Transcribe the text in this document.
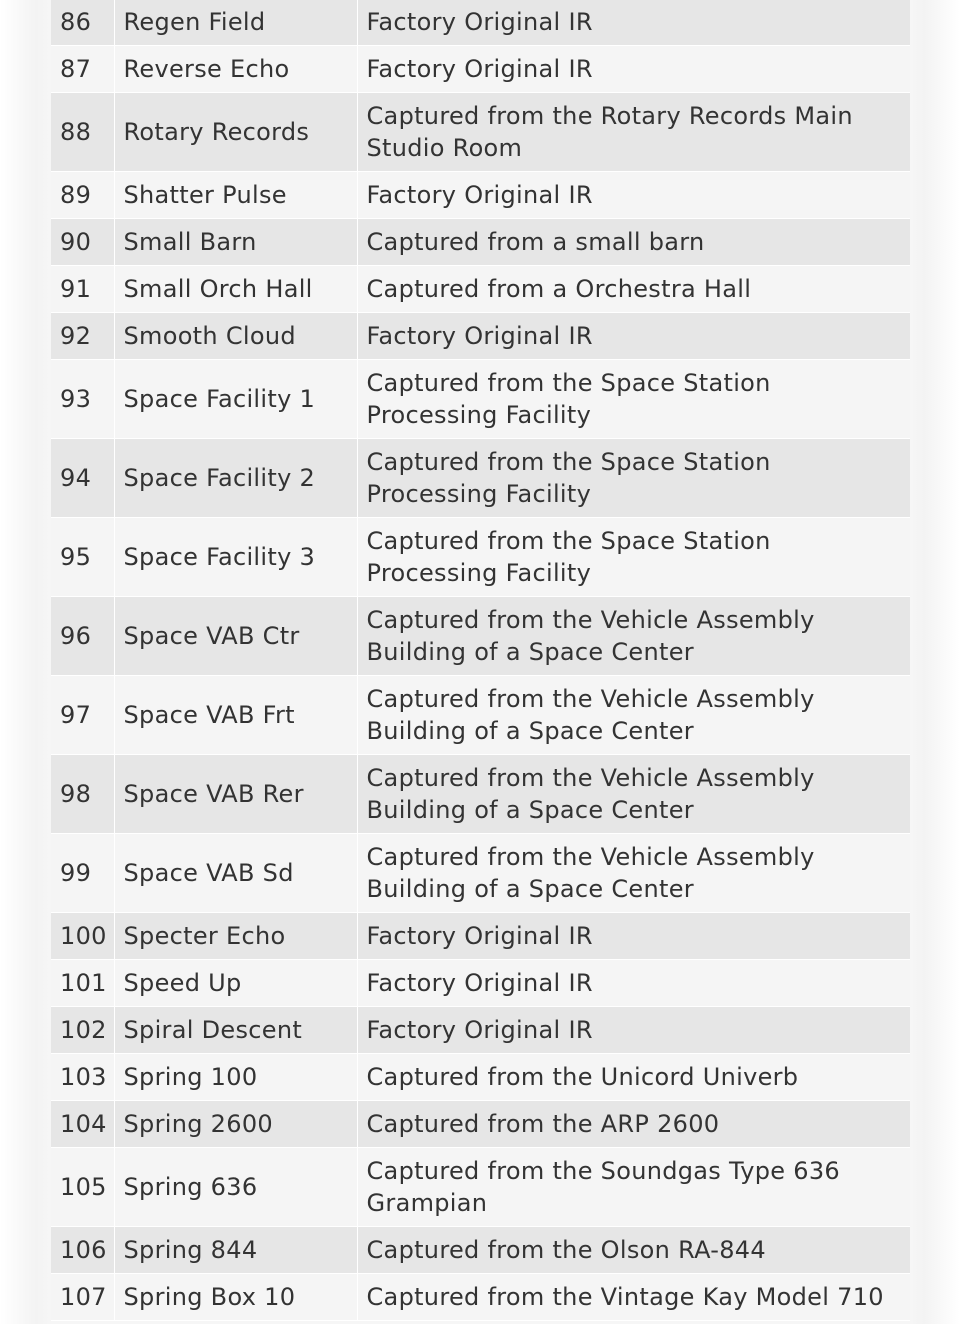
86	Regen Field	Factory Original IR
87	Reverse Echo	Factory Original IR
88	Rotary Records	Captured from the Rotary Records Main Studio Room
89	Shatter Pulse	Factory Original IR
90	Small Barn	Captured from a small barn
91	Small Orch Hall	Captured from a Orchestra Hall
92	Smooth Cloud	Factory Original IR
93	Space Facility 1	Captured from the Space Station Processing Facility
94	Space Facility 2	Captured from the Space Station Processing Facility
95	Space Facility 3	Captured from the Space Station Processing Facility
96	Space VAB Ctr	Captured from the Vehicle Assembly Building of a Space Center
97	Space VAB Frt	Captured from the Vehicle Assembly Building of a Space Center
98	Space VAB Rer	Captured from the Vehicle Assembly Building of a Space Center
99	Space VAB Sd	Captured from the Vehicle Assembly Building of a Space Center
100	Specter Echo	Factory Original IR
101	Speed Up	Factory Original IR
102	Spiral Descent	Factory Original IR
103	Spring 100	Captured from the Unicord Univerb
104	Spring 2600	Captured from the ARP 2600
105	Spring 636	Captured from the Soundgas Type 636 Grampian
106	Spring 844	Captured from the Olson RA-844
107	Spring Box 10	Captured from the Vintage Kay Model 710
